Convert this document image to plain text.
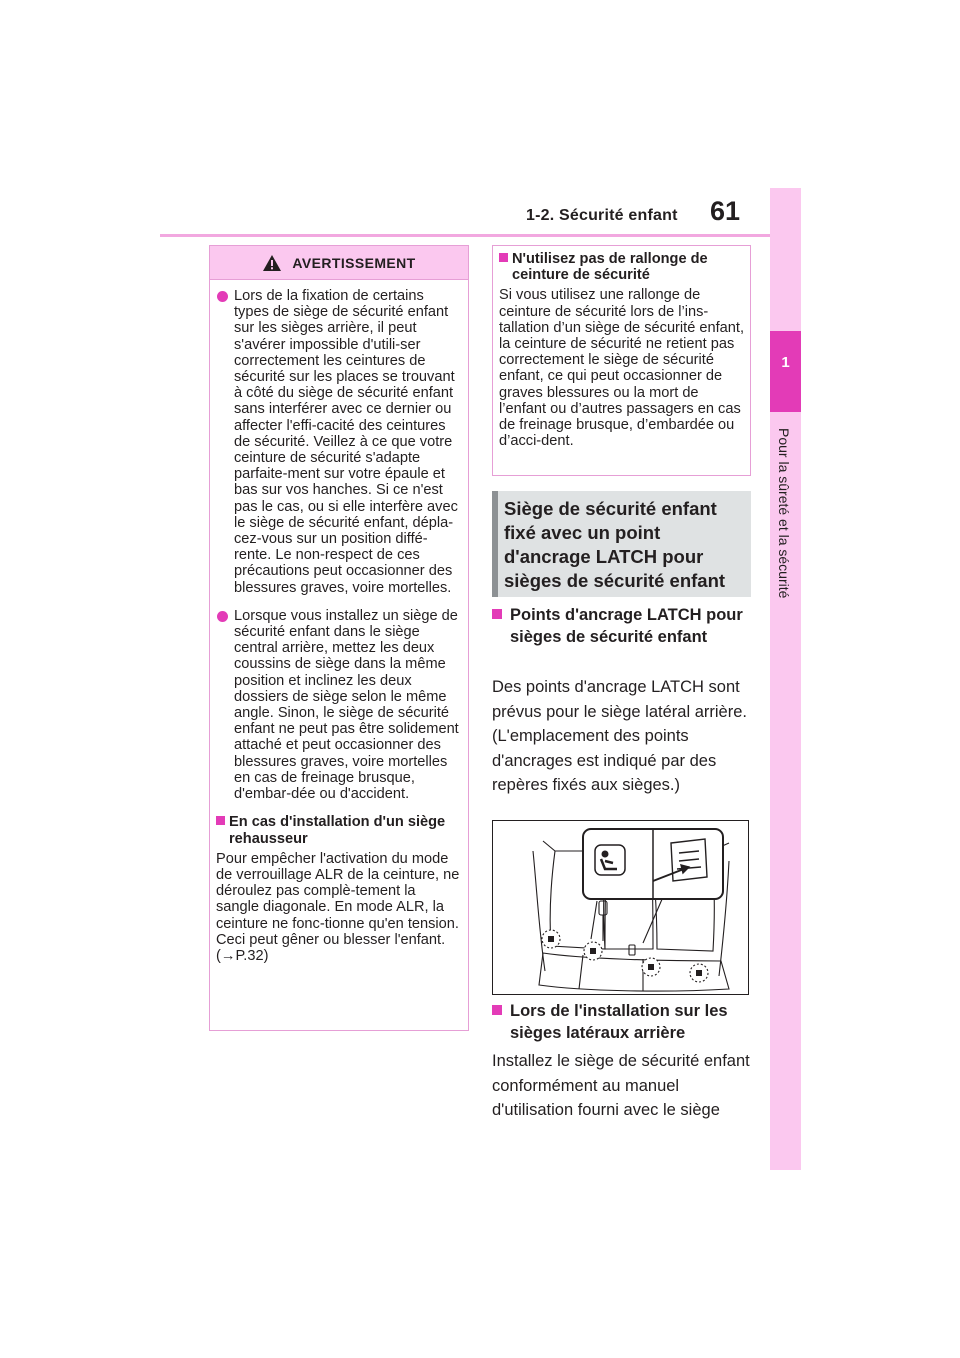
1-2. Sécurité enfant 61
1
Pour la sûreté et la sécurité
AVERTISSEMENT
Lors de la fixation de certains types de siège de sécurité enfant sur les sièges arrière, il peut s'avérer impossible d'utili-ser correctement les ceintures de sécurité sur les places se trouvant à côté du siège de sécurité enfant sans interférer avec ce dernier ou affecter l'effi-cacité des ceintures de sécurité. Veillez à ce que votre ceinture de sécurité s'adapte parfaite-ment sur votre épaule et bas sur vos hanches. Si ce n'est pas le cas, ou si elle interfère avec le siège de sécurité enfant, dépla-cez-vous sur un position diffé-rente. Le non-respect de ces précautions peut occasionner des blessures graves, voire mortelles.
Lorsque vous installez un siège de sécurité enfant dans le siège central arrière, mettez les deux coussins de siège dans la même position et inclinez les deux dossiers de siège selon le même angle. Sinon, le siège de sécurité enfant ne peut pas être solidement attaché et peut occasionner des blessures graves, voire mortelles en cas de freinage brusque, d'embar-dée ou d'accident.
En cas d'installation d'un siège rehausseur

Pour empêcher l'activation du mode de verrouillage ALR de la ceinture, ne déroulez pas complè-tement la sangle diagonale. En mode ALR, la ceinture ne fonc-tionne qu'en tension. Ceci peut gêner ou blesser l'enfant.
(→P.32)

N'utilisez pas de rallonge de ceinture de sécurité

Si vous utilisez une rallonge de ceinture de sécurité lors de l’ins-tallation d’un siège de sécurité enfant, la ceinture de sécurité ne retient pas correctement le siège de sécurité enfant, ce qui peut occasionner de graves blessures ou la mort de l’enfant ou d’autres passagers en cas de freinage brusque, d’embardée ou d’acci-dent.

Siège de sécurité enfant fixé avec un point d'ancrage LATCH pour sièges de sécurité enfant
Points d'ancrage LATCH pour sièges de sécurité enfant
Des points d'ancrage LATCH sont prévus pour le siège latéral arrière. (L'emplacement des points d'ancrages est indiqué par des repères fixés aux sièges.)
Lors de l'installation sur les sièges latéraux arrière
Installez le siège de sécurité enfant conformément au manuel d'utilisation fourni avec le siège
